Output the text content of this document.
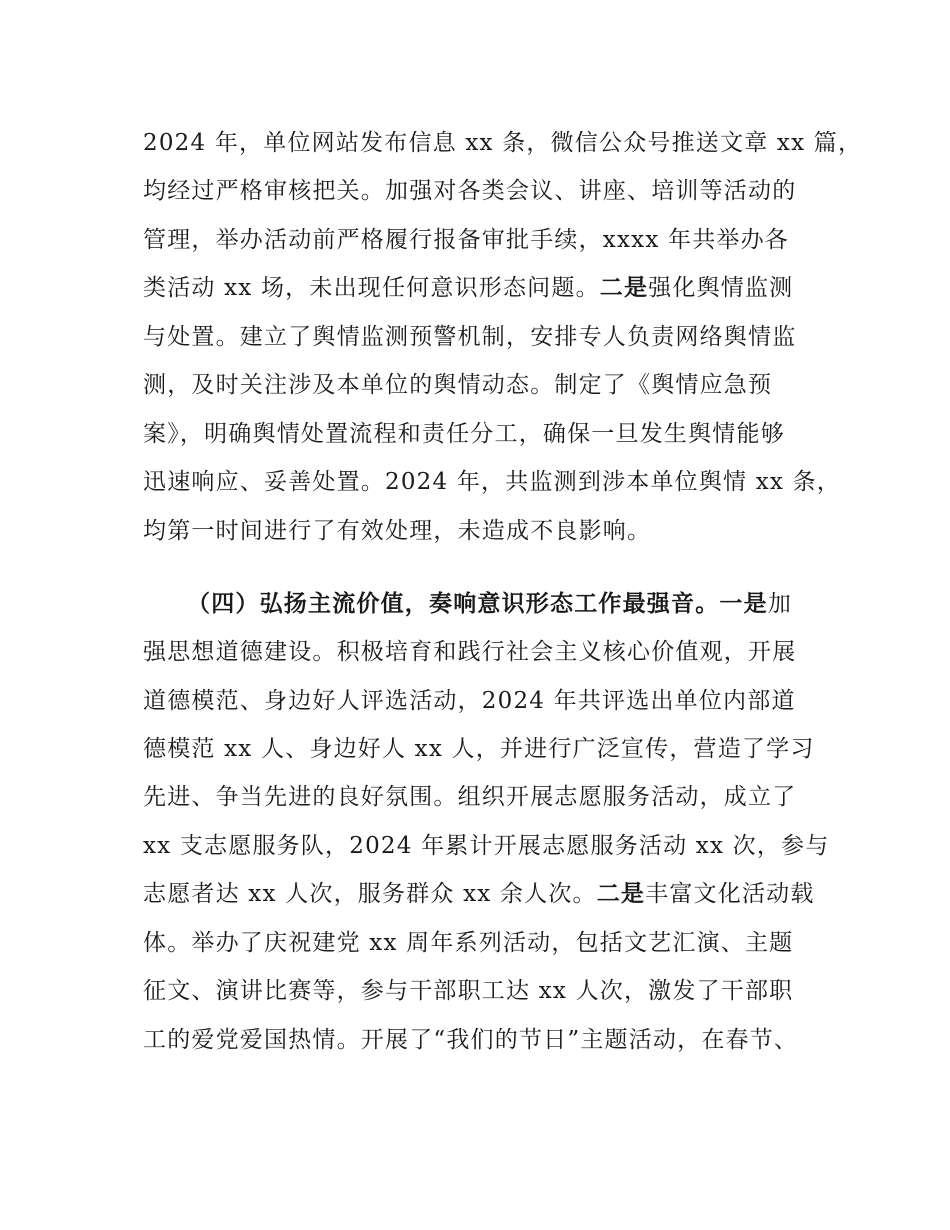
2024 年，单位网站发布信息 xx 条，微信公众号推送文章 xx 篇，

均经过严格审核把关。加强对各类会议、讲座、培训等活动的

管理，举办活动前严格履行报备审批手续，xxxx 年共举办各

类活动 xx 场，未出现任何意识形态问题。二是强化舆情监测

与处置。建立了舆情监测预警机制，安排专人负责网络舆情监

测，及时关注涉及本单位的舆情动态。制定了《舆情应急预

案》，明确舆情处置流程和责任分工，确保一旦发生舆情能够

迅速响应、妥善处置。2024 年，共监测到涉本单位舆情 xx 条，

均第一时间进行了有效处理，未造成不良影响。

（四）弘扬主流价值，奏响意识形态工作最强音。一是加

强思想道德建设。积极培育和践行社会主义核心价值观，开展

道德模范、身边好人评选活动，2024 年共评选出单位内部道

德模范 xx 人、身边好人 xx 人，并进行广泛宣传，营造了学习

先进、争当先进的良好氛围。组织开展志愿服务活动，成立了

xx 支志愿服务队，2024 年累计开展志愿服务活动 xx 次，参与

志愿者达 xx 人次，服务群众 xx 余人次。二是丰富文化活动载

体。举办了庆祝建党 xx 周年系列活动，包括文艺汇演、主题

征文、演讲比赛等，参与干部职工达 xx 人次，激发了干部职

工的爱党爱国热情。开展了“我们的节日”主题活动，在春节、
